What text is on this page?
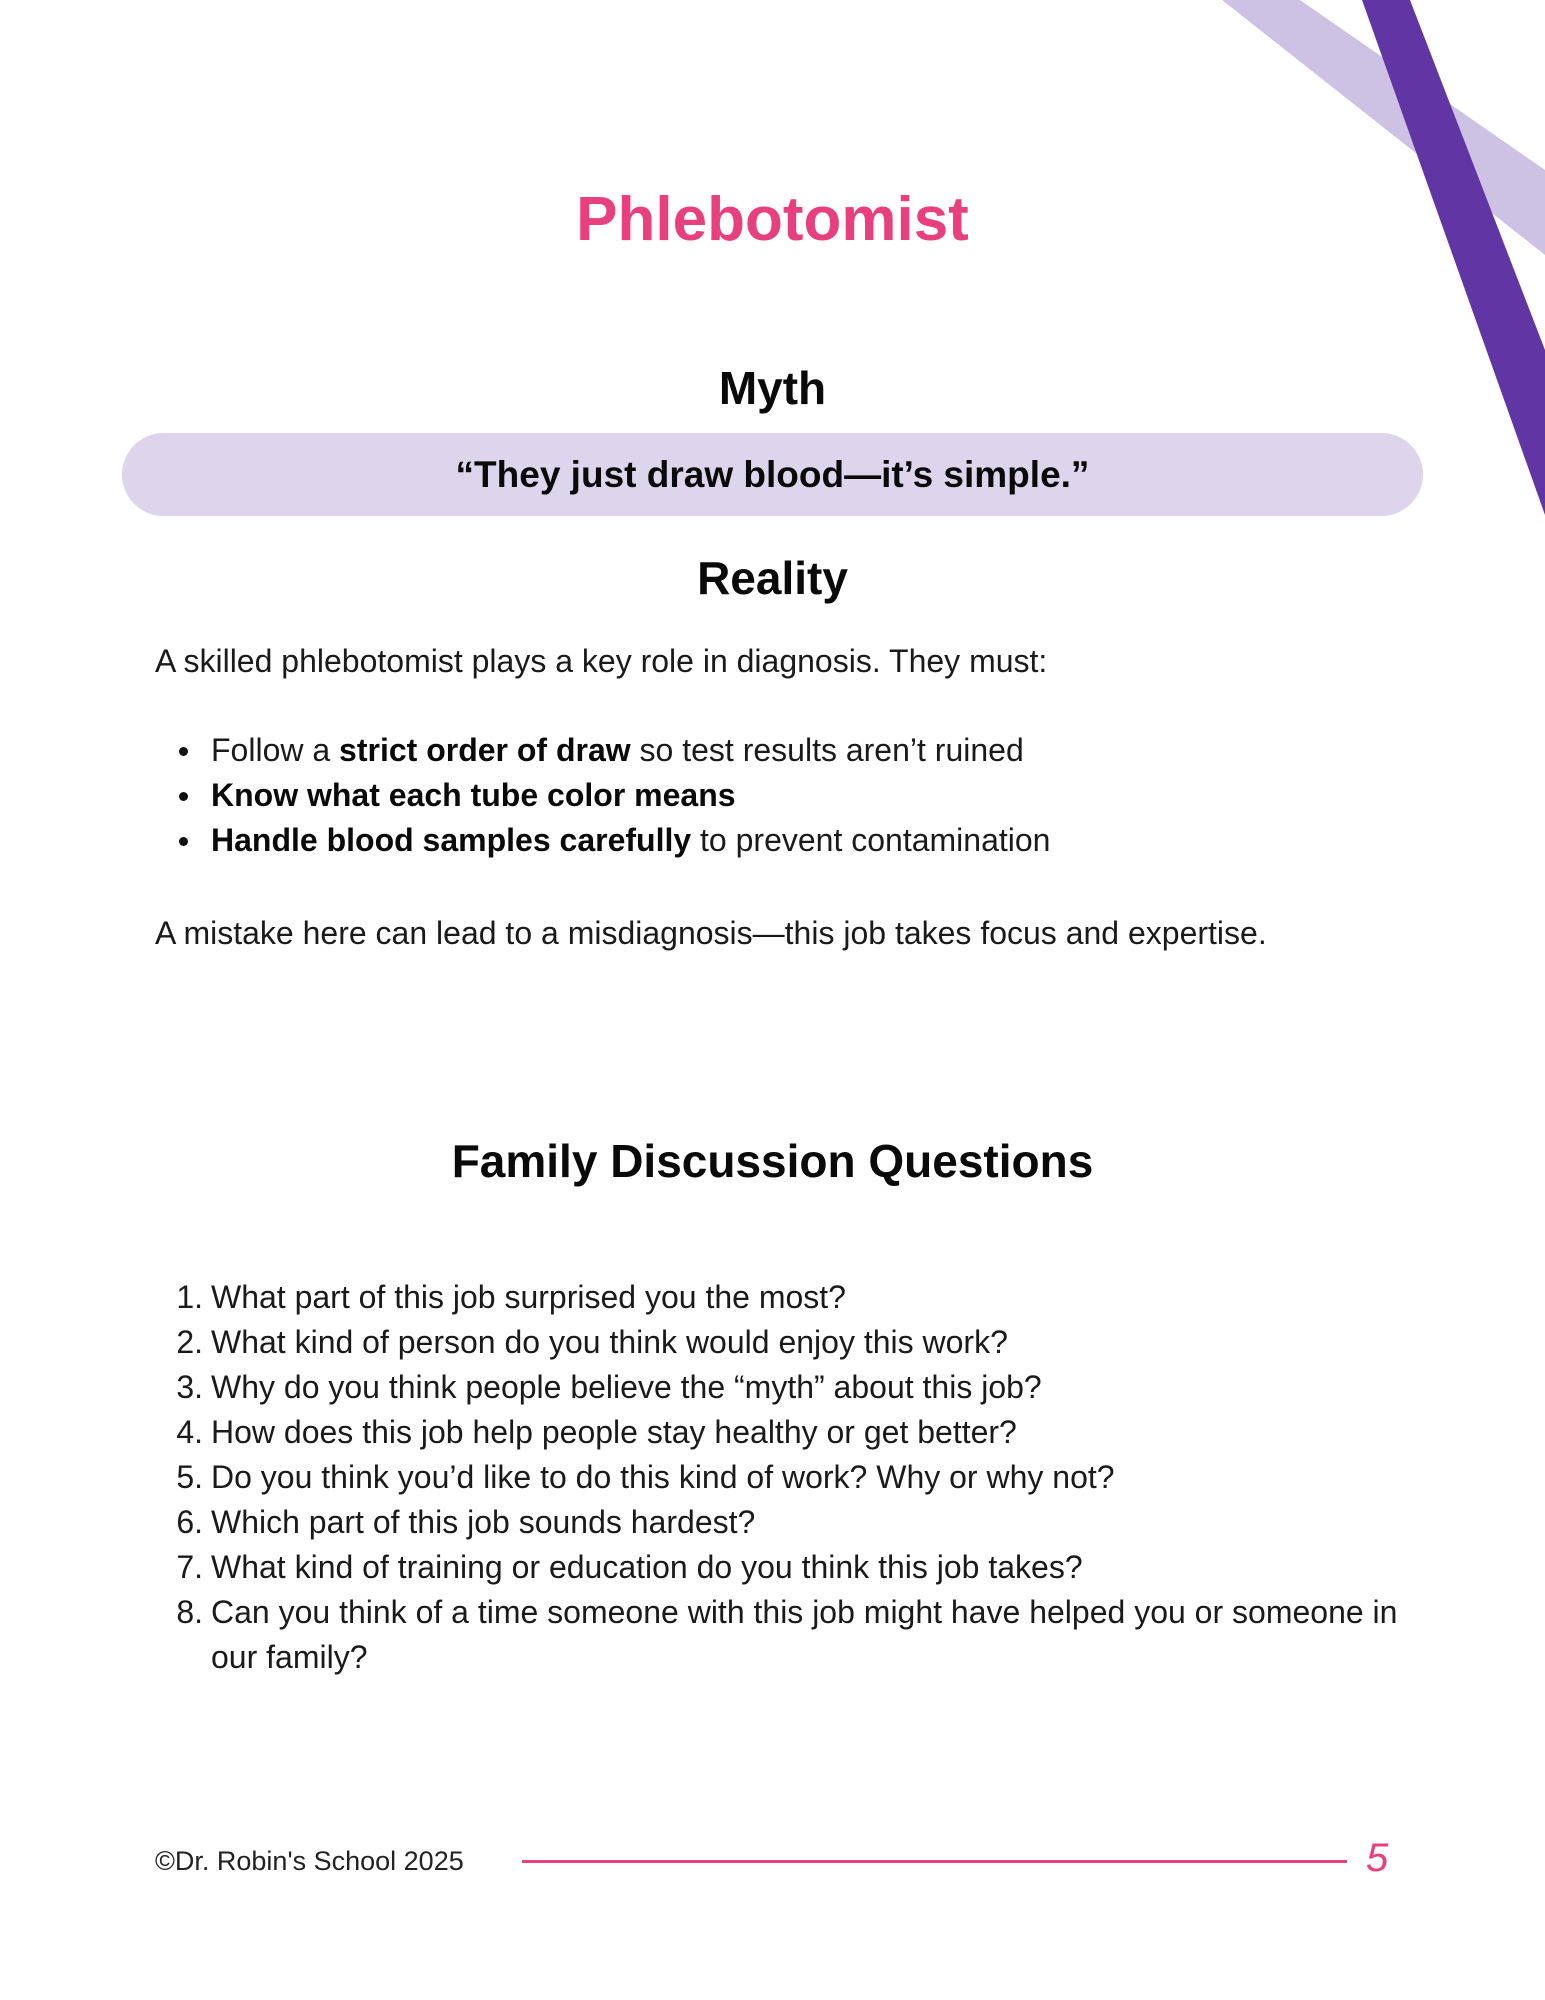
Phlebotomist
Myth
“They just draw blood—it’s simple.”
Reality

A skilled phlebotomist plays a key role in diagnosis. They must:

Follow a strict order of draw so test results aren’t ruined
Know what each tube color means
Handle blood samples carefully to prevent contamination

A mistake here can lead to a misdiagnosis—this job takes focus and expertise.

Family Discussion Questions
What part of this job surprised you the most?
What kind of person do you think would enjoy this work?
Why do you think people believe the “myth” about this job?
How does this job help people stay healthy or get better?
Do you think you’d like to do this kind of work? Why or why not?
Which part of this job sounds hardest?
What kind of training or education do you think this job takes?
Can you think of a time someone with this job might have helped you or someone in our family?
©Dr. Robin's School 2025	5
